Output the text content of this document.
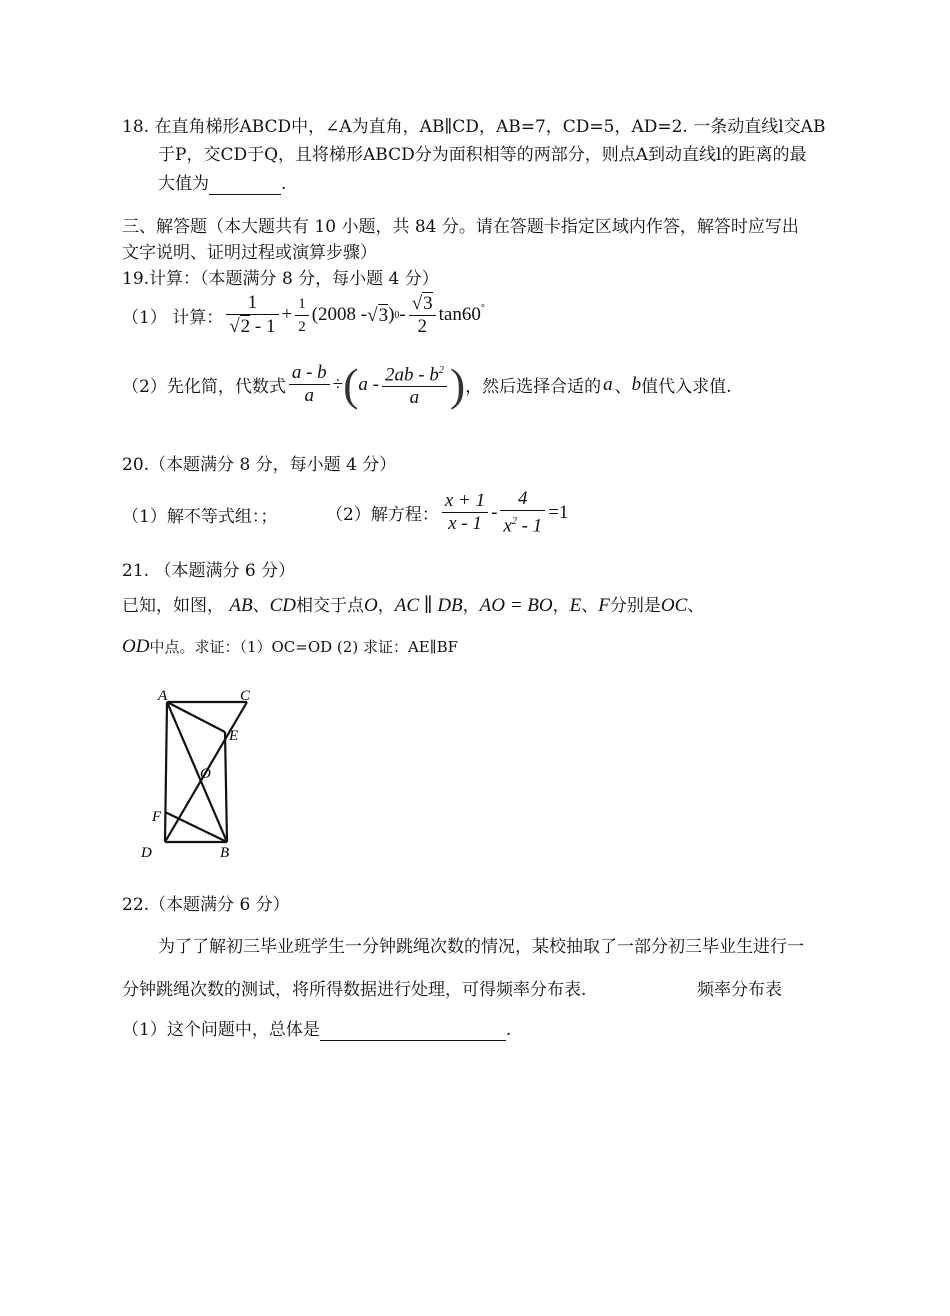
18. 在直角梯形ABCD中，∠A为直角，AB∥CD，AB=7，CD=5，AD=2. 一条动直线l交AB
于P，交CD于Q，且将梯形ABCD分为面积相等的两部分，则点A到动直线l的距离的最
大值为	.
三、解答题（本大题共有 10 小题，共 84 分。请在答题卡指定区域内作答，解答时应写出
文字说明、证明过程或演算步骤）
19.计算：（本题满分 8 分，每小题 4 分）
（1） 计算： $\frac{1}{√2 - 1} + \frac{1}{2} (2008 - √3$ ) $0 - \frac{√3}{2} \tan 60^\circ$
（2）先化简，代数式 $\frac{a - b}{a}$ ÷ ( a - $\frac{2ab - b^2}{a}$ ) ，然后选择合适的 a 、 b 值代入求值.
20.（本题满分 8 分，每小题 4 分）
（1）解不等式组：；	（2）解方程： $\frac{x + 1}{x - 1} - \frac{4}{x^2 - 1} =1$
21. （本题满分 6 分）
已知，如图， AB、CD相交于点O，AC ∥ DB，AO = BO，E、F分别是OC、
OD中点。求证：（1）OC=OD (2) 求证：AE∥BF
A	C
E
O
F
D	B
22.（本题满分 6 分）
为了了解初三毕业班学生一分钟跳绳次数的情况，某校抽取了一部分初三毕业生进行一
分钟跳绳次数的测试，将所得数据进行处理，可得频率分布表.	频率分布表
（1）这个问题中，总体是	.
